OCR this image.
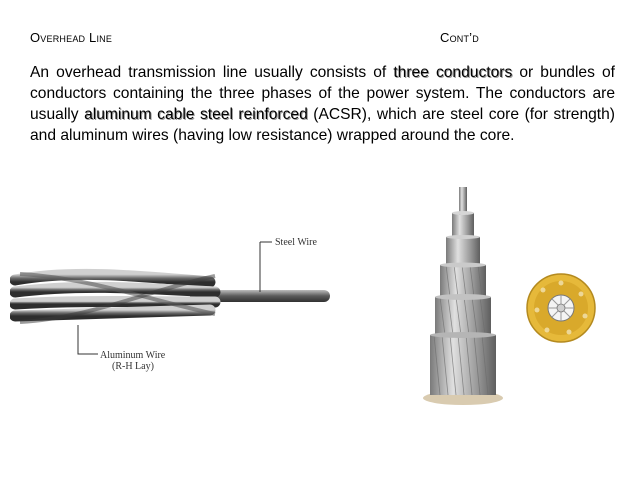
Overhead Line	Cont’d
An overhead transmission line usually consists of three conductors or bundles of conductors containing the three phases of the power system. The conductors are usually aluminum cable steel reinforced (ACSR), which are steel core (for strength) and aluminum wires (having low resistance) wrapped around the core.
Steel Wire
Aluminum Wire
(R-H Lay)
